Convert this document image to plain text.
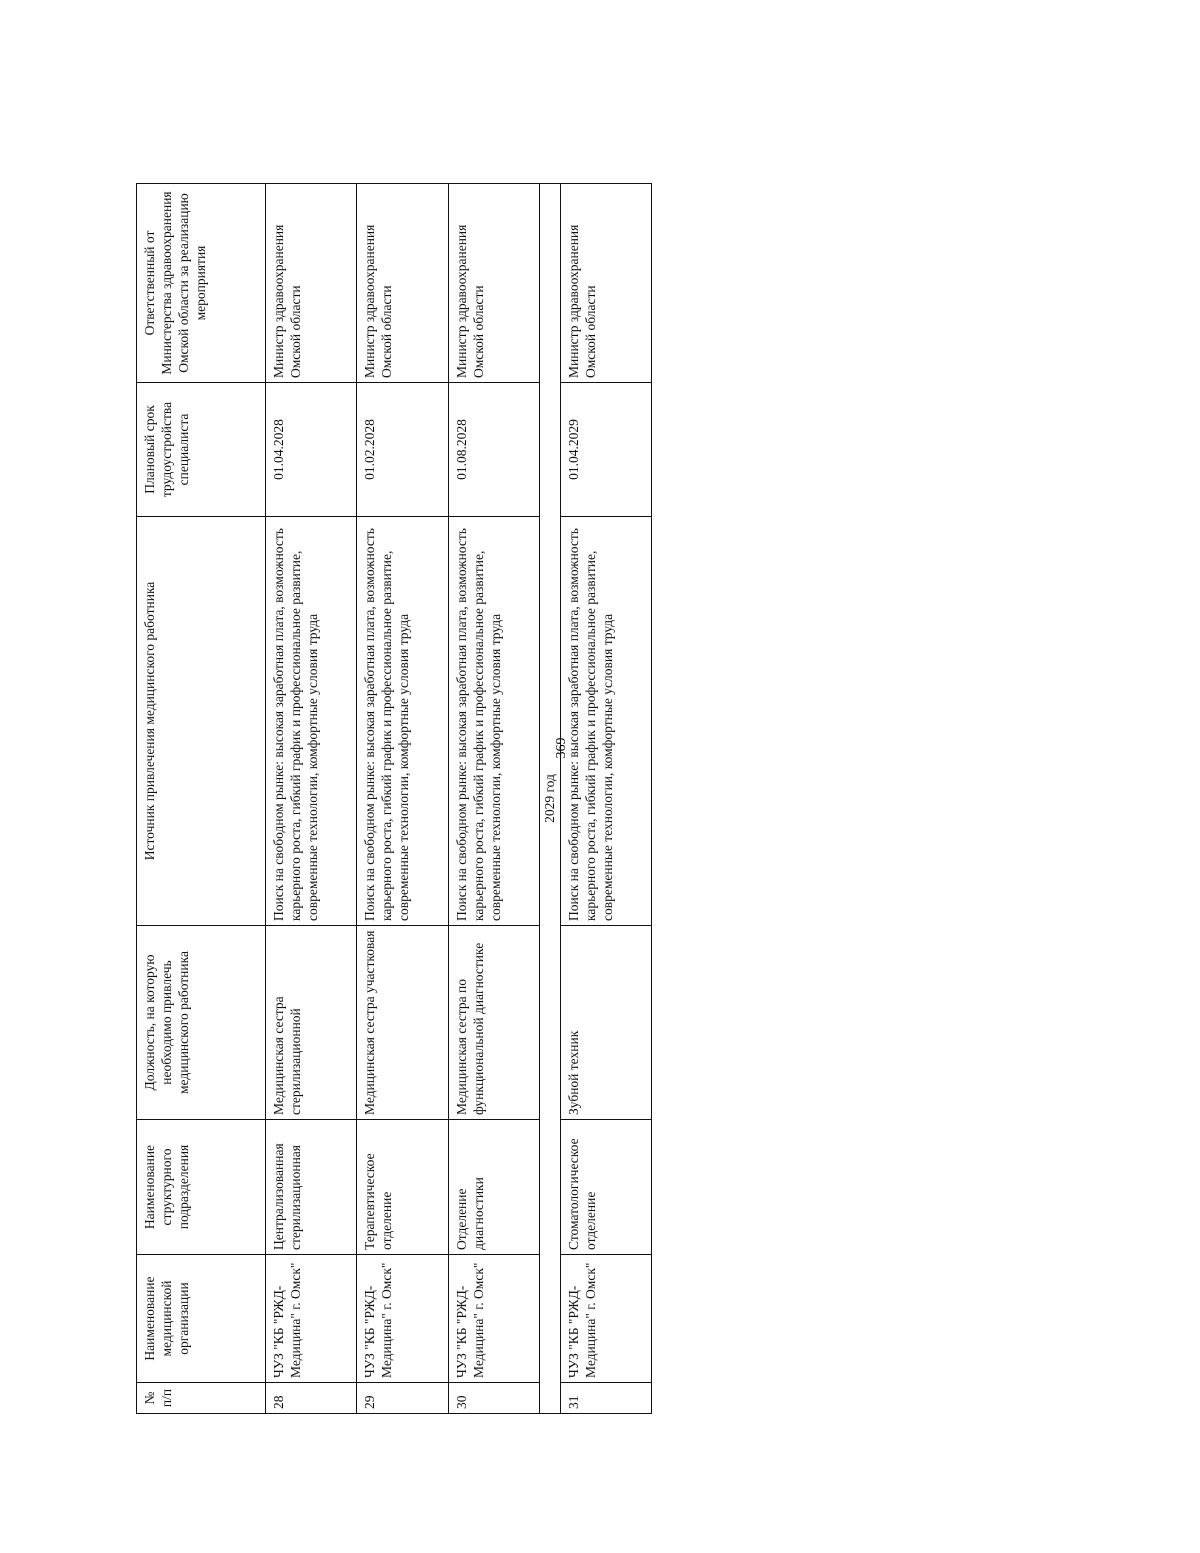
369
№ п/п	Наименование медицинской организации	Наименование структурного подразделения	Должность, на которую необходимо привлечь медицинского работника	Источник привлечения медицинского работника	Плановый срок трудоустройства специалиста	Ответственный от Министерства здравоохранения Омской области за реализацию мероприятия
28	ЧУЗ "КБ "РЖД-Медицина" г. Омск"	Централизованная стерилизационная	Медицинская сестра стерилизационной	Поиск на свободном рынке: высокая заработная плата, возможность карьерного роста, гибкий график и профессиональное развитие, современные технологии, комфортные условия труда	01.04.2028	Министр здравоохранения Омской области
29	ЧУЗ "КБ "РЖД-Медицина" г. Омск"	Терапевтическое отделение	Медицинская сестра участковая	Поиск на свободном рынке: высокая заработная плата, возможность карьерного роста, гибкий график и профессиональное развитие, современные технологии, комфортные условия труда	01.02.2028	Министр здравоохранения Омской области
30	ЧУЗ "КБ "РЖД-Медицина" г. Омск"	Отделение диагностики	Медицинская сестра по функциональной диагностике	Поиск на свободном рынке: высокая заработная плата, возможность карьерного роста, гибкий график и профессиональное развитие, современные технологии, комфортные условия труда	01.08.2028	Министр здравоохранения Омской области
2029 год						
31	ЧУЗ "КБ "РЖД-Медицина" г. Омск"	Стоматологическое отделение	Зубной техник	Поиск на свободном рынке: высокая заработная плата, возможность карьерного роста, гибкий график и профессиональное развитие, современные технологии, комфортные условия труда	01.04.2029	Министр здравоохранения Омской области
